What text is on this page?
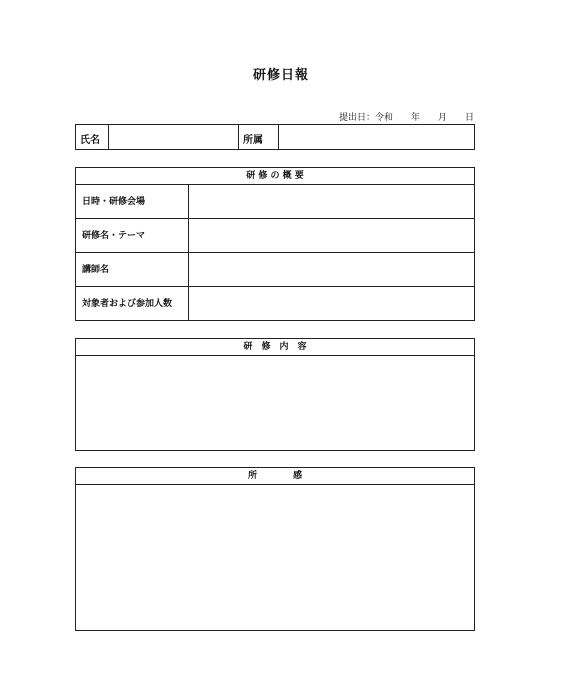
研修日報
提出日：令和　　年　　月　　日
氏名	所属
研 修 の 概 要
日時・研修会場
研修名・テーマ
講師名
対象者および参加人数
研　修　内　容
所　　　　感
